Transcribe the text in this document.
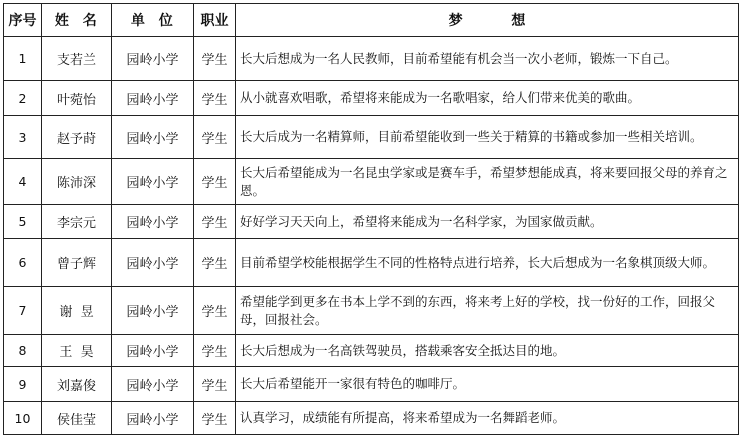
序号	姓  名	单  位	职业	梦          想
1	支若兰	园岭小学	学生	长大后想成为一名人民教师，目前希望能有机会当一次小老师，锻炼一下自己。
2	叶菀怡	园岭小学	学生	从小就喜欢唱歌，希望将来能成为一名歌唱家，给人们带来优美的歌曲。
3	赵予莳	园岭小学	学生	长大后成为一名精算师，目前希望能收到一些关于精算的书籍或参加一些相关培训。
4	陈沛深	园岭小学	学生	长大后希望能成为一名昆虫学家或是赛车手，希望梦想能成真，将来要回报父母的养育之恩。
5	李宗元	园岭小学	学生	好好学习天天向上，希望将来能成为一名科学家，为国家做贡献。
6	曾子辉	园岭小学	学生	目前希望学校能根据学生不同的性格特点进行培养，长大后想成为一名象棋顶级大师。
7	谢  昱	园岭小学	学生	希望能学到更多在书本上学不到的东西，将来考上好的学校，找一份好的工作，回报父母，回报社会。
8	王  昊	园岭小学	学生	长大后想成为一名高铁驾驶员，搭载乘客安全抵达目的地。
9	刘嘉俊	园岭小学	学生	长大后希望能开一家很有特色的咖啡厅。
10	侯佳莹	园岭小学	学生	认真学习，成绩能有所提高，将来希望成为一名舞蹈老师。
